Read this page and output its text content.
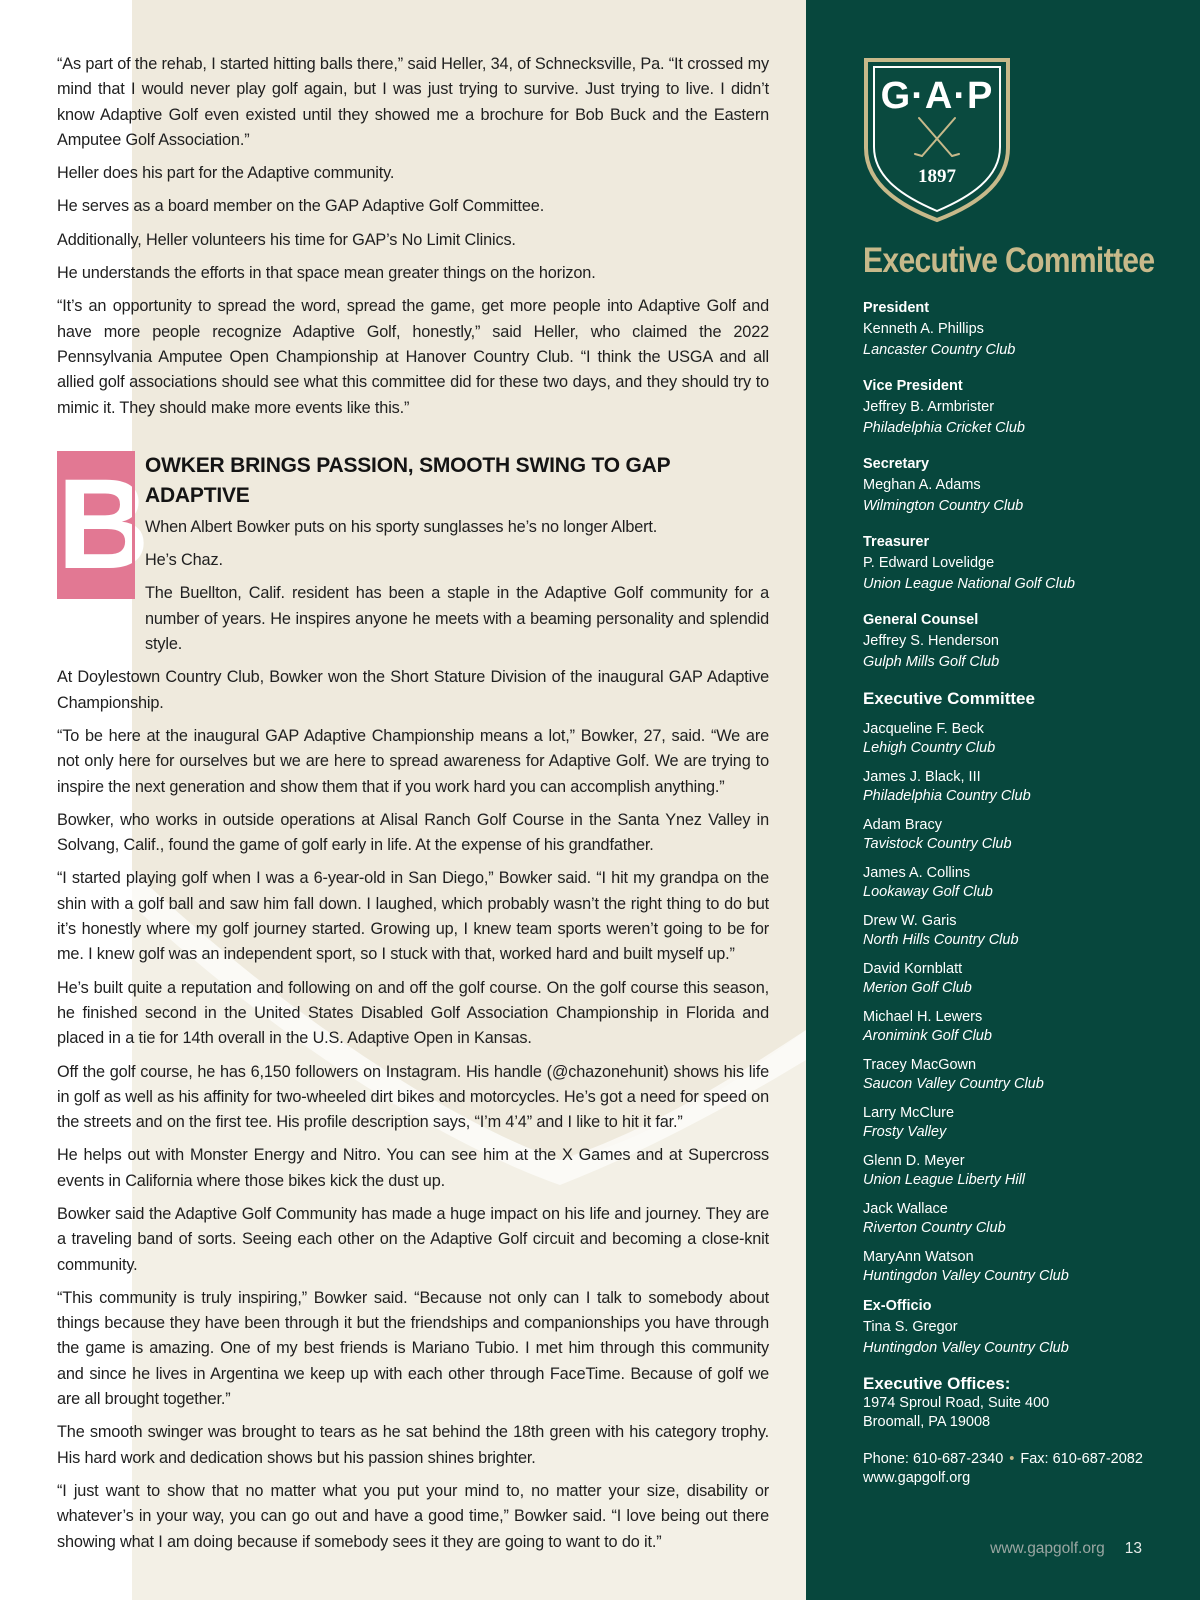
“As part of the rehab, I started hitting balls there,” said Heller, 34, of Schnecksville, Pa. “It crossed my mind that I would never play golf again, but I was just trying to survive. Just trying to live. I didn’t know Adaptive Golf even existed until they showed me a brochure for Bob Buck and the Eastern Amputee Golf Association.”

Heller does his part for the Adaptive community.

He serves as a board member on the GAP Adaptive Golf Committee.

Additionally, Heller volunteers his time for GAP’s No Limit Clinics.

He understands the efforts in that space mean greater things on the horizon.

“It’s an opportunity to spread the word, spread the game, get more people into Adaptive Golf and have more people recognize Adaptive Golf, honestly,” said Heller, who claimed the 2022 Pennsylvania Amputee Open Championship at Hanover Country Club. “I think the USGA and all allied golf associations should see what this committee did for these two days, and they should try to mimic it. They should make more events like this.”

B
OWKER BRINGS PASSION, SMOOTH SWING TO GAP ADAPTIVE

When Albert Bowker puts on his sporty sunglasses he’s no longer Albert.

He’s Chaz.

The Buellton, Calif. resident has been a staple in the Adaptive Golf community for a number of years. He inspires anyone he meets with a beaming personality and splendid style.

At Doylestown Country Club, Bowker won the Short Stature Division of the inaugural GAP Adaptive Championship.

“To be here at the inaugural GAP Adaptive Championship means a lot,” Bowker, 27, said. “We are not only here for ourselves but we are here to spread awareness for Adaptive Golf. We are trying to inspire the next generation and show them that if you work hard you can accomplish anything.”

Bowker, who works in outside operations at Alisal Ranch Golf Course in the Santa Ynez Valley in Solvang, Calif., found the game of golf early in life. At the expense of his grandfather.

“I started playing golf when I was a 6-year-old in San Diego,” Bowker said. “I hit my grandpa on the shin with a golf ball and saw him fall down. I laughed, which probably wasn’t the right thing to do but it’s honestly where my golf journey started. Growing up, I knew team sports weren’t going to be for me. I knew golf was an independent sport, so I stuck with that, worked hard and built myself up.”

He’s built quite a reputation and following on and off the golf course. On the golf course this season, he finished second in the United States Disabled Golf Association Championship in Florida and placed in a tie for 14th overall in the U.S. Adaptive Open in Kansas.

Off the golf course, he has 6,150 followers on Instagram. His handle (@chazonehunit) shows his life in golf as well as his affinity for two-wheeled dirt bikes and motorcycles. He’s got a need for speed on the streets and on the first tee. His profile description says, “I’m 4’4” and I like to hit it far.”

He helps out with Monster Energy and Nitro. You can see him at the X Games and at Supercross events in California where those bikes kick the dust up.

Bowker said the Adaptive Golf Community has made a huge impact on his life and journey. They are a traveling band of sorts. Seeing each other on the Adaptive Golf circuit and becoming a close-knit community.

“This community is truly inspiring,” Bowker said. “Because not only can I talk to somebody about things because they have been through it but the friendships and companionships you have through the game is amazing. One of my best friends is Mariano Tubio. I met him through this community and since he lives in Argentina we keep up with each other through FaceTime. Because of golf we are all brought together.”

The smooth swinger was brought to tears as he sat behind the 18th green with his category trophy. His hard work and dedication shows but his passion shines brighter.

“I just want to show that no matter what you put your mind to, no matter your size, disability or whatever’s in your way, you can go out and have a good time,” Bowker said. “I love being out there showing what I am doing because if somebody sees it they are going to want to do it.”

G·A·P
1897
Executive Committee
President
Kenneth A. Phillips
Lancaster Country Club
Vice President
Jeffrey B. Armbrister
Philadelphia Cricket Club
Secretary
Meghan A. Adams
Wilmington Country Club
Treasurer
P. Edward Lovelidge
Union League National Golf Club
General Counsel
Jeffrey S. Henderson
Gulph Mills Golf Club
Executive Committee
Jacqueline F. Beck
Lehigh Country Club
James J. Black, III
Philadelphia Country Club
Adam Bracy
Tavistock Country Club
James A. Collins
Lookaway Golf Club
Drew W. Garis
North Hills Country Club
David Kornblatt
Merion Golf Club
Michael H. Lewers
Aronimink Golf Club
Tracey MacGown
Saucon Valley Country Club
Larry McClure
Frosty Valley
Glenn D. Meyer
Union League Liberty Hill
Jack Wallace
Riverton Country Club
MaryAnn Watson
Huntingdon Valley Country Club
Ex-Officio
Tina S. Gregor
Huntingdon Valley Country Club
Executive Offices:
1974 Sproul Road, Suite 400
Broomall, PA 19008
Phone: 610-687-2340 • Fax: 610-687-2082
www.gapgolf.org
www.gapgolf.org 13
